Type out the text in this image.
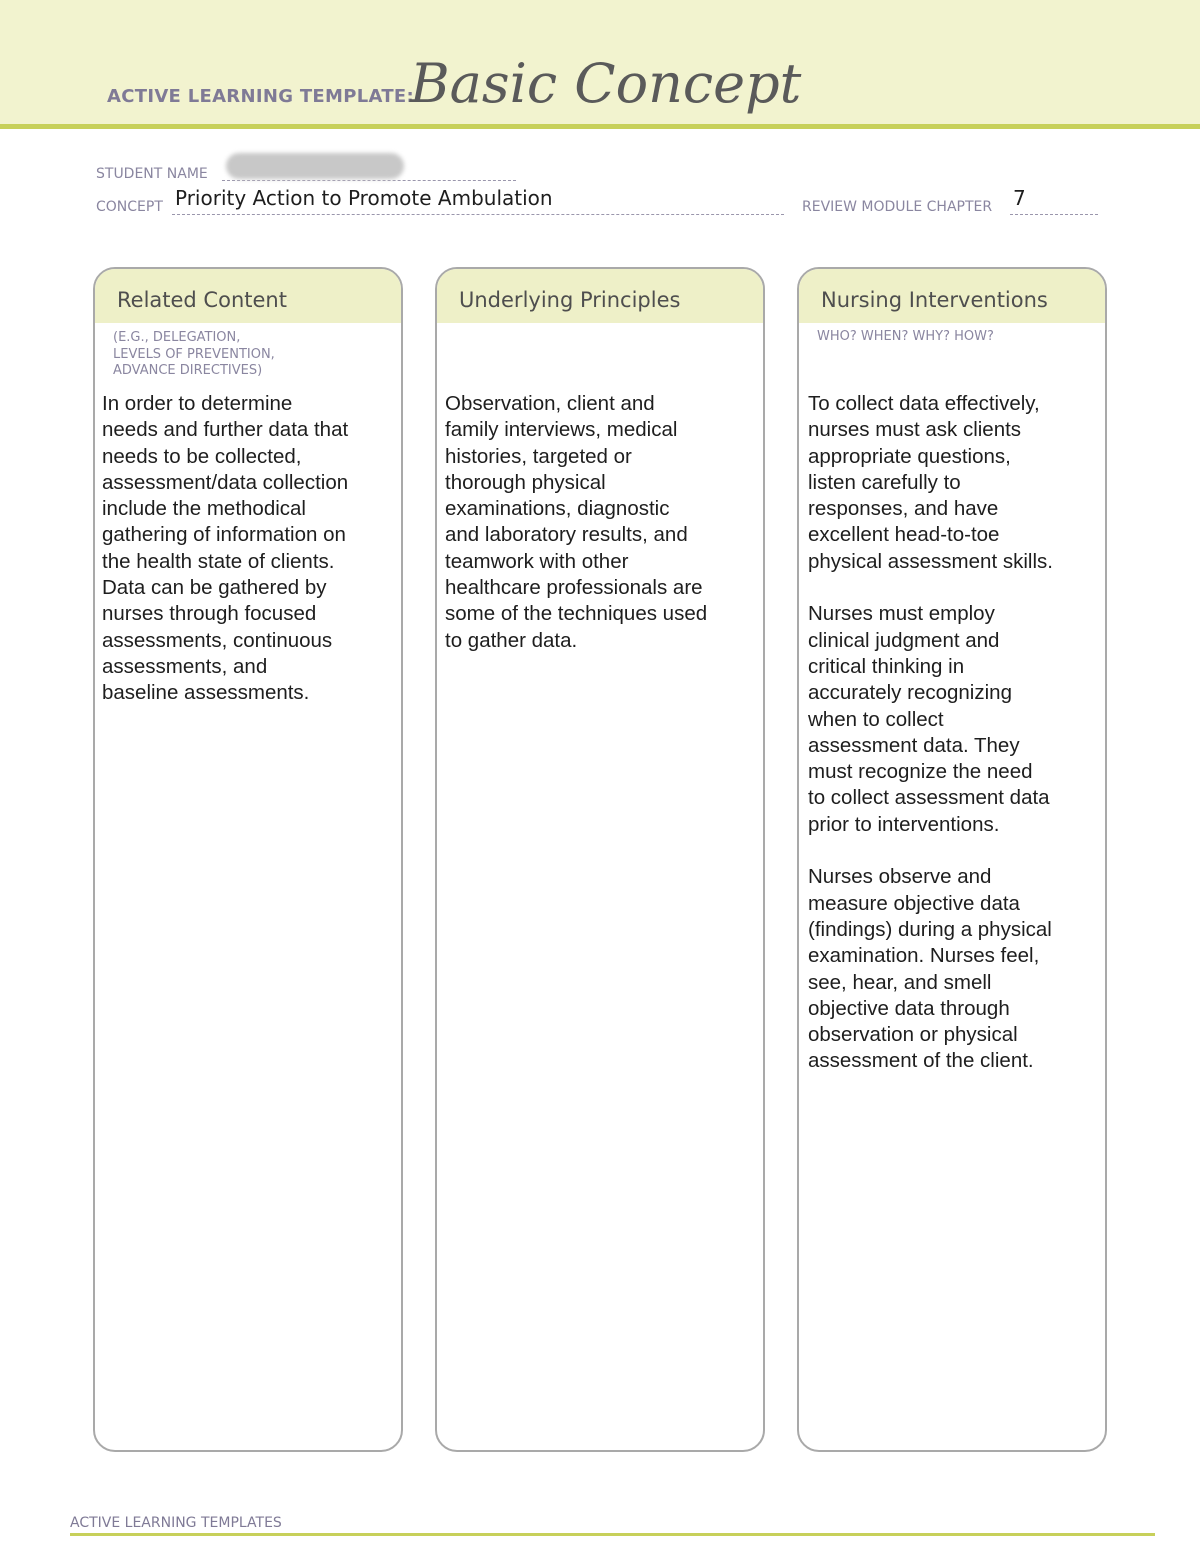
ACTIVE LEARNING TEMPLATE:
Basic Concept
STUDENT NAME
CONCEPT Priority Action to Promote Ambulation	REVIEW MODULE CHAPTER 7
Related Content
(E.G., DELEGATION,
LEVELS OF PREVENTION,
ADVANCE DIRECTIVES)
In order to determine
needs and further data that
needs to be collected,
assessment/data collection
include the methodical
gathering of information on
the health state of clients.
Data can be gathered by
nurses through focused
assessments, continuous
assessments, and
baseline assessments.
Underlying Principles
Observation, client and
family interviews, medical
histories, targeted or
thorough physical
examinations, diagnostic
and laboratory results, and
teamwork with other
healthcare professionals are
some of the techniques used
to gather data.
Nursing Interventions
WHO? WHEN? WHY? HOW?
To collect data effectively,
nurses must ask clients
appropriate questions,
listen carefully to
responses, and have
excellent head-to-toe
physical assessment skills.

Nurses must employ
clinical judgment and
critical thinking in
accurately recognizing
when to collect
assessment data. They
must recognize the need
to collect assessment data
prior to interventions.

Nurses observe and
measure objective data
(findings) during a physical
examination. Nurses feel,
see, hear, and smell
objective data through
observation or physical
assessment of the client.
ACTIVE LEARNING TEMPLATES
